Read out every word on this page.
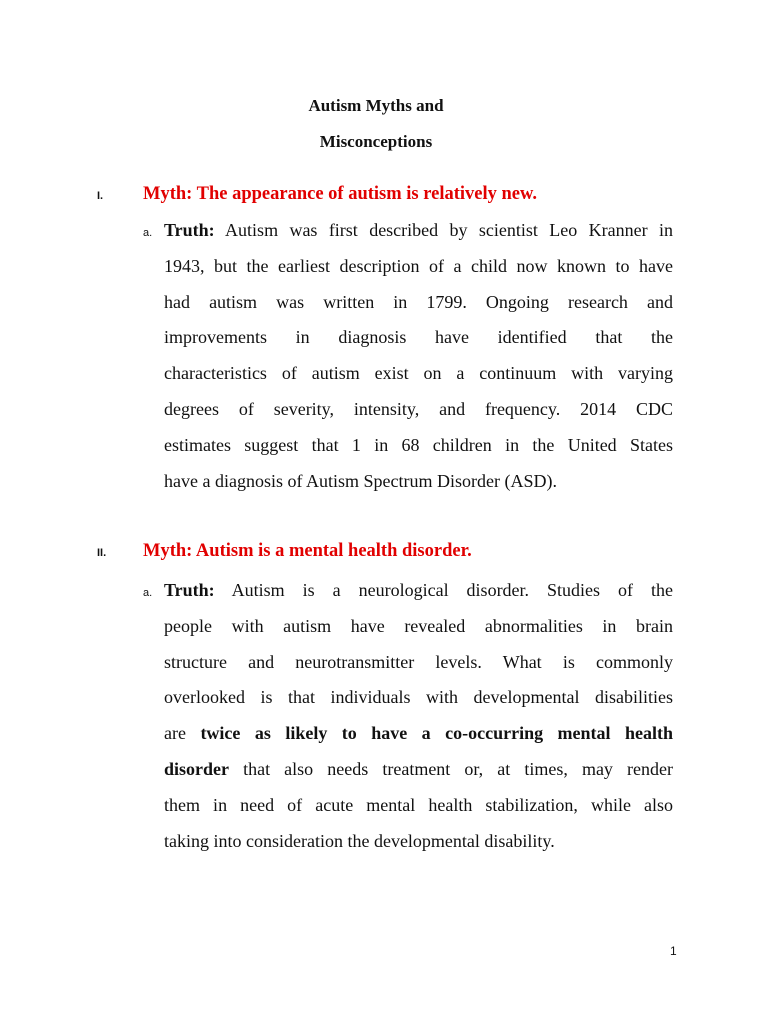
Autism Myths and
Misconceptions
I. Myth: The appearance of autism is relatively new.
a. Truth: Autism was first described by scientist Leo Kranner in
1943, but the earliest description of a child now known to have
had autism was written in 1799. Ongoing research and
improvements in diagnosis have identified that the
characteristics of autism exist on a continuum with varying
degrees of severity, intensity, and frequency. 2014 CDC
estimates suggest that 1 in 68 children in the United States
have a diagnosis of Autism Spectrum Disorder (ASD).
II. Myth: Autism is a mental health disorder.
a. Truth: Autism is a neurological disorder. Studies of the
people with autism have revealed abnormalities in brain
structure and neurotransmitter levels. What is commonly
overlooked is that individuals with developmental disabilities
are twice as likely to have a co-occurring mental health
disorder that also needs treatment or, at times, may render
them in need of acute mental health stabilization, while also
taking into consideration the developmental disability.
1
